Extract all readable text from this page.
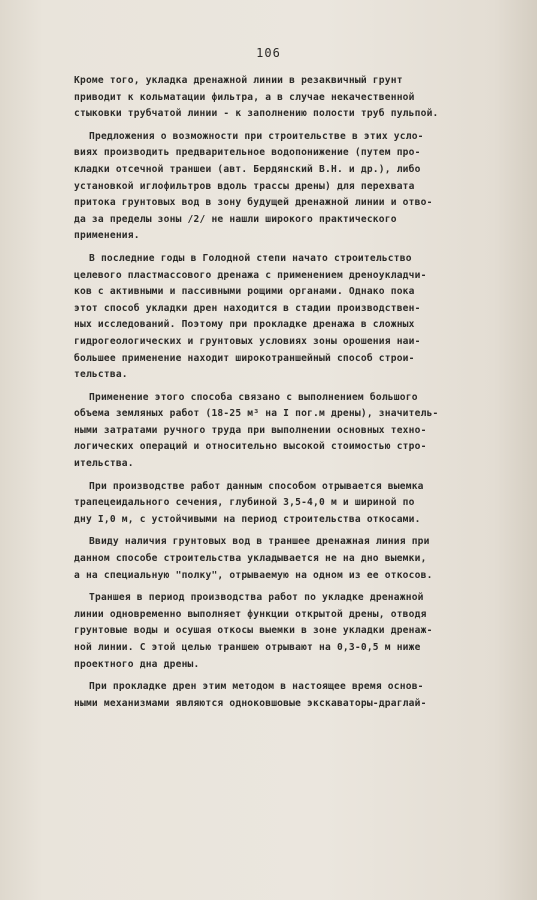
106
Кроме того, укладка дренажной линии в резаквичный грунт
приводит к кольматации фильтра, а в случае некачественной
стыковки трубчатой линии - к заполнению полости труб пульпой.
Предложения о возможности при строительстве в этих усло-
виях производить предварительное водопонижение (путем про-
кладки отсечной траншеи (авт. Бердянский В.Н. и др.), либо
установкой иглофильтров вдоль трассы дрены) для перехвата
притока грунтовых вод в зону будущей дренажной линии и отво-
да за пределы зоны /2/ не нашли широкого практического
применения.
В последние годы в Голодной степи начато строительство
целевого пластмассового дренажа с применением дреноукладчи-
ков с активными и пассивными рощими органами. Однако пока
этот способ укладки дрен находится в стадии производствен-
ных исследований. Поэтому при прокладке дренажа в сложных
гидрогеологических и грунтовых условиях зоны орошения наи-
большее применение находит широкотраншейный способ строи-
тельства.
Применение этого способа связано с выполнением большого
объема земляных работ (18-25 м³ на I пог.м дрены), значитель-
ными затратами ручного труда при выполнении основных техно-
логических операций и относительно высокой стоимостью стро-
ительства.
При производстве работ данным способом отрывается выемка
трапецеидального сечения, глубиной 3,5-4,0 м и шириной по
дну I,0 м, с устойчивыми на период строительства откосами.
Ввиду наличия грунтовых вод в траншее дренажная линия при
данном способе строительства укладывается не на дно выемки,
а на специальную "полку", отрываемую на одном из ее откосов.
Траншея в период производства работ по укладке дренажной
линии одновременно выполняет функции открытой дрены, отводя
грунтовые воды и осушая откосы выемки в зоне укладки дренаж-
ной линии. С этой целью траншею отрывают на 0,3-0,5 м ниже
проектного дна дрены.
При прокладке дрен этим методом в настоящее время основ-
ными механизмами являются одноковшовые экскаваторы-драглай-
